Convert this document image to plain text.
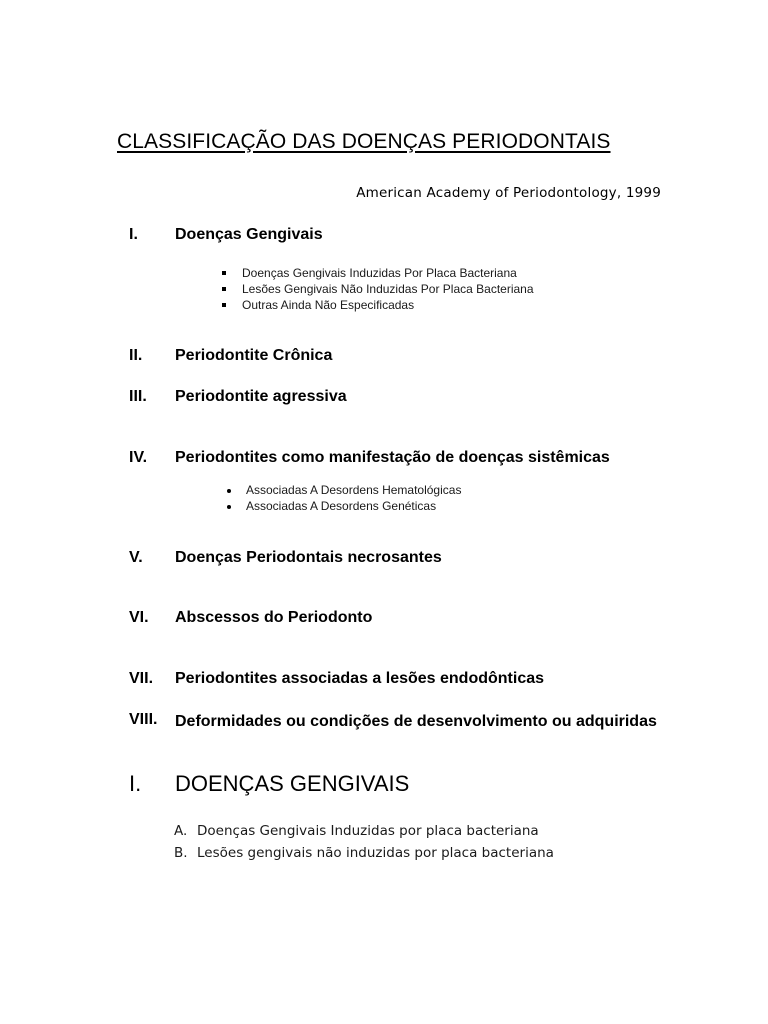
CLASSIFICAÇÃO DAS DOENÇAS PERIODONTAIS
American Academy of Periodontology, 1999
I. Doenças Gengivais
Doenças Gengivais Induzidas Por Placa Bacteriana
Lesões Gengivais Não Induzidas Por Placa Bacteriana
Outras Ainda Não Especificadas
II. Periodontite Crônica
III. Periodontite agressiva
IV. Periodontites como manifestação de doenças sistêmicas
Associadas A Desordens Hematológicas
Associadas A Desordens Genéticas
V. Doenças Periodontais necrosantes
VI. Abscessos do Periodonto
VII. Periodontites associadas a lesões endodônticas
VIII. Deformidades ou condições de desenvolvimento ou adquiridas
I. DOENÇAS GENGIVAIS
A. Doenças Gengivais Induzidas por placa bacteriana
B. Lesões gengivais não induzidas por placa bacteriana
